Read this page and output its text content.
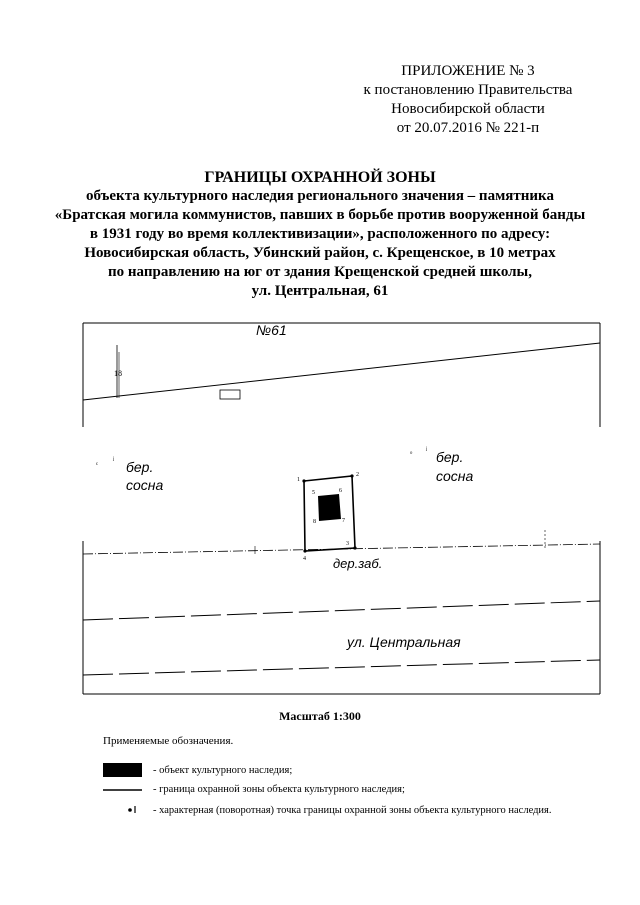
ПРИЛОЖЕНИЕ № 3
к постановлению Правительства
Новосибирской области
от 20.07.2016 № 221-п
ГРАНИЦЫ ОХРАННОЙ ЗОНЫ
объекта культурного наследия регионального значения – памятника
«Братская могила коммунистов, павших в борьбе против вооруженной банды
в 1931 году во время коллективизации», расположенного по адресу:
Новосибирская область, Убинский район, с. Крещенское, в 10 метрах
по направлению на юг от здания Крещенской средней школы,
ул. Центральная, 61
18
№61
ᶜ
ʲ бер.
сосна
ᵒ ʲ бер.
сосна
дер.заб.
1
2
3
4
5	6
7
8
ул. Центральная
Масштаб 1:300
Применяемые обозначения.
- объект культурного наследия;
- граница охранной зоны объекта культурного наследия;
- характерная (поворотная) точка границы охранной зоны объекта культурного наследия.
